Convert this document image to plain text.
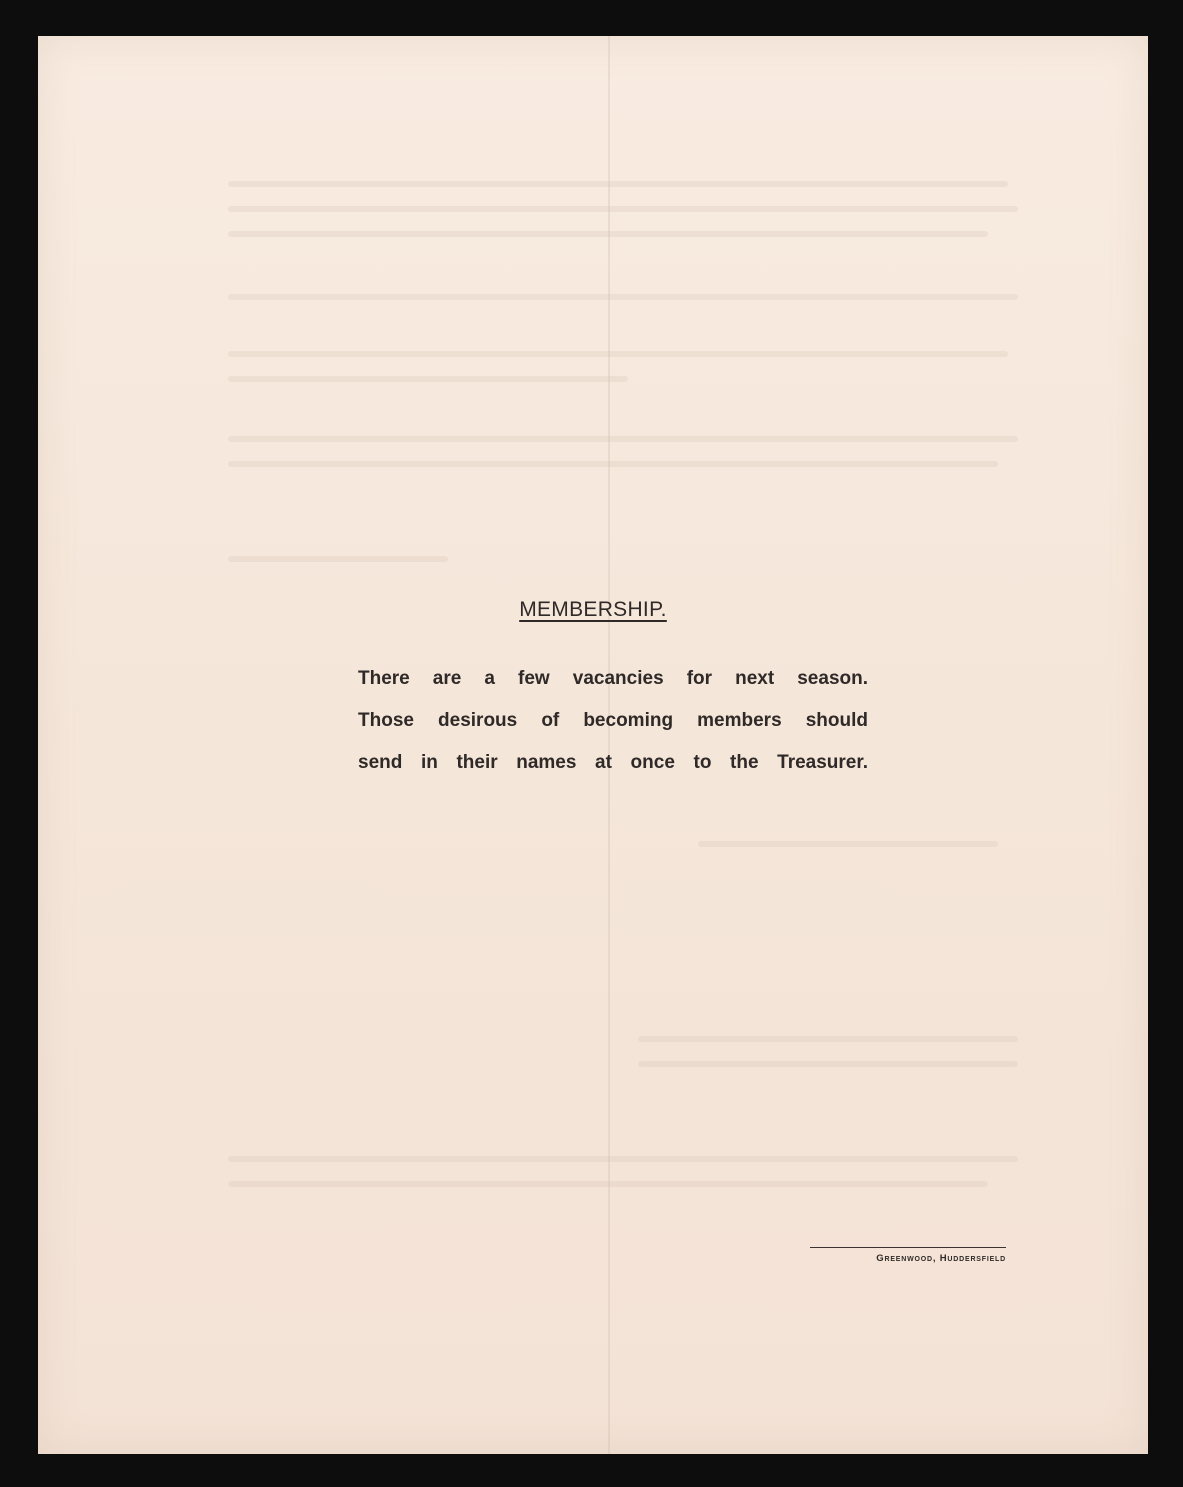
MEMBERSHIP.
There are a few vacancies for next season.
Those desirous of becoming members should
send in their names at once to the Treasurer.
Greenwood, Huddersfield
